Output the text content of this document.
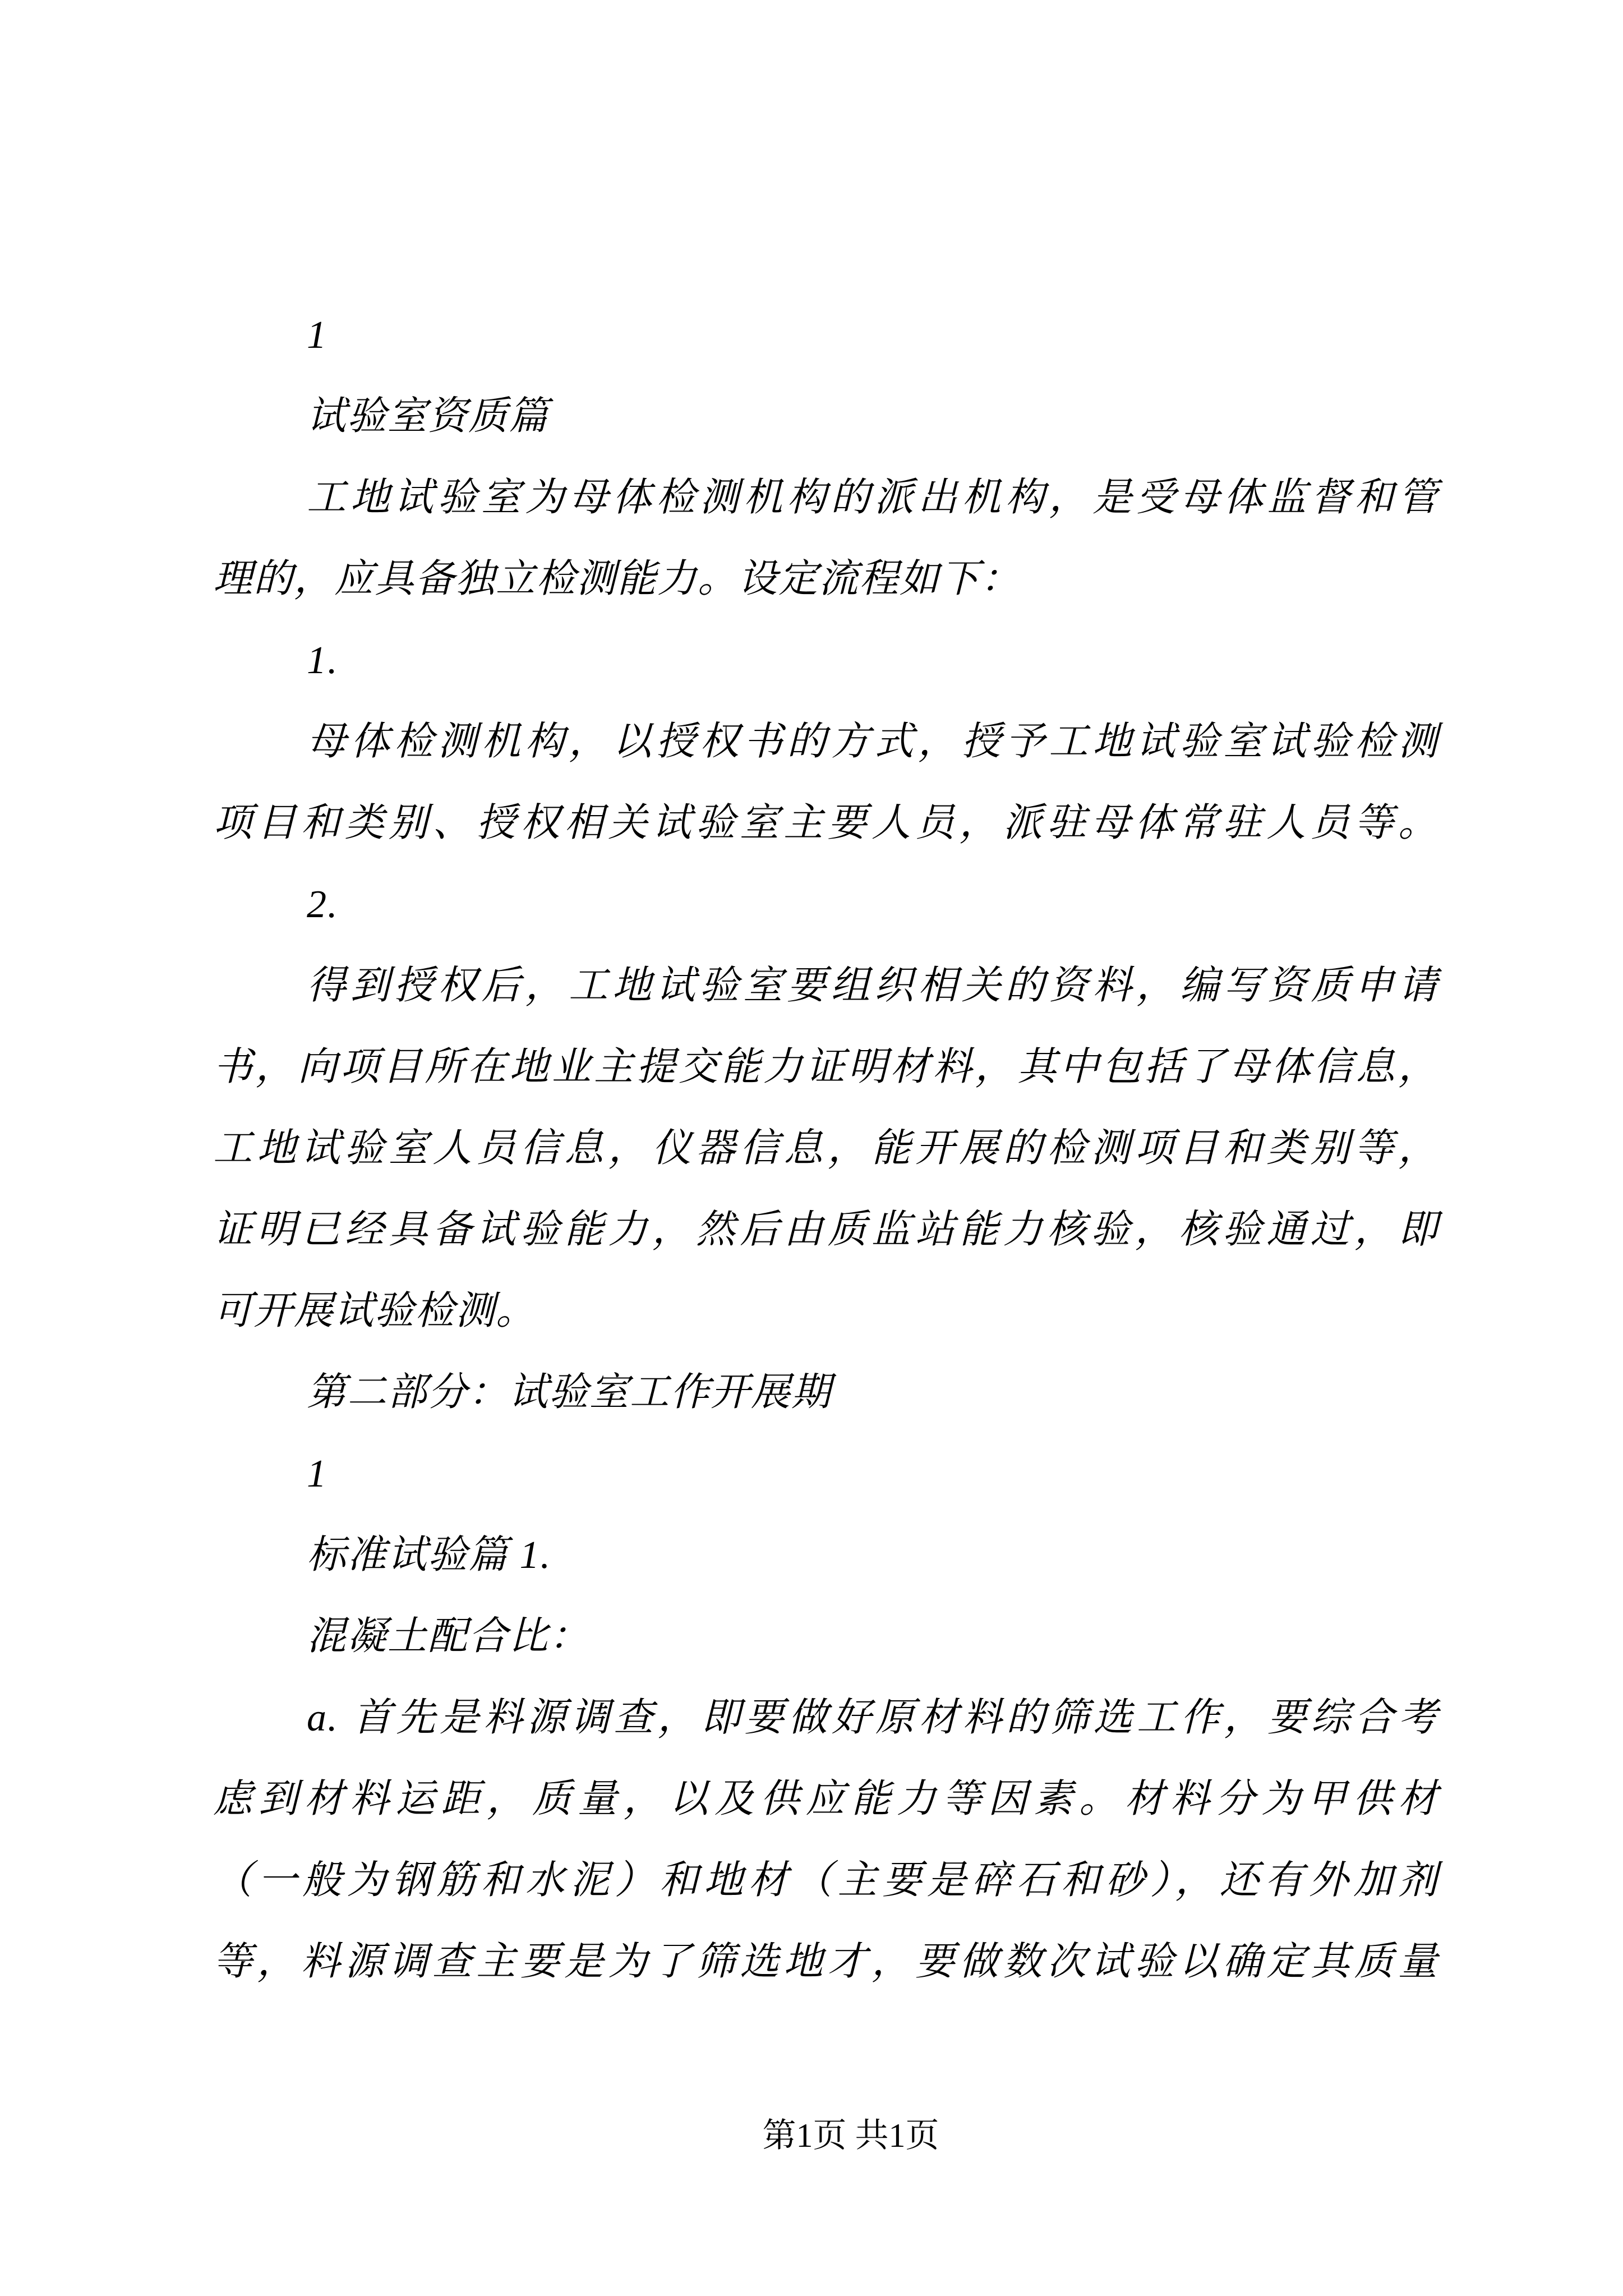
1
试验室资质篇
工地试验室为母体检测机构的派出机构，是受母体监督和管
理的，应具备独立检测能力。设定流程如下：
1.
母体检测机构，以授权书的方式，授予工地试验室试验检测
项目和类别、授权相关试验室主要人员，派驻母体常驻人员等。
2.
得到授权后，工地试验室要组织相关的资料，编写资质申请
书，向项目所在地业主提交能力证明材料，其中包括了母体信息，
工地试验室人员信息，仪器信息，能开展的检测项目和类别等，
证明已经具备试验能力，然后由质监站能力核验，核验通过，即
可开展试验检测。
第二部分：试验室工作开展期
1
标准试验篇 1.
混凝土配合比：
a. 首先是料源调查，即要做好原材料的筛选工作，要综合考
虑到材料运距，质量，以及供应能力等因素。材料分为甲供材
（一般为钢筋和水泥）和地材（主要是碎石和砂），还有外加剂
等，料源调查主要是为了筛选地才，要做数次试验以确定其质量
第1页 共1页
